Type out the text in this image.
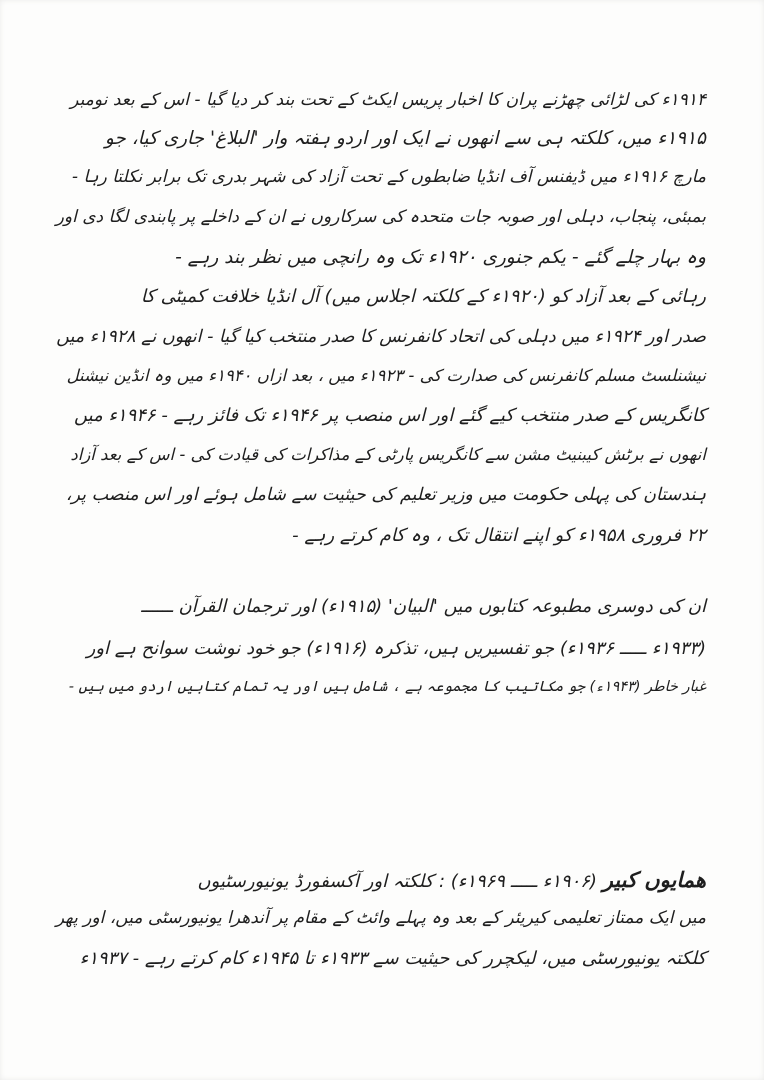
۱۹۱۴ء کی لڑائی چھڑنے پران کا اخبار پریس ایکٹ کے تحت بند کر دیا گیا - اس کے بعد نومبر
۱۹۱۵ء میں، کلکتہ ہی سے انھوں نے ایک اور اردو ہفتہ وار 'البلاغ' جاری کیا، جو
مارچ ۱۹۱۶ء میں ڈیفنس آف انڈیا ضابطوں کے تحت آزاد کی شہر بدری تک برابر نکلتا رہا -
بمبئی، پنجاب، دہلی اور صوبہ جات متحدہ کی سرکاروں نے ان کے داخلے پر پابندی لگا دی اور
وہ بہار چلے گئے - یکم جنوری ۱۹۲۰ء تک وہ رانچی میں نظر بند رہے -
رہائی کے بعد آزاد کو (۱۹۲۰ء کے کلکتہ اجلاس میں) آل انڈیا خلافت کمیٹی کا
صدر اور ۱۹۲۴ء میں دہلی کی اتحاد کانفرنس کا صدر منتخب کیا گیا - انھوں نے ۱۹۲۸ء میں
نیشنلسٹ مسلم کانفرنس کی صدارت کی - ۱۹۲۳ء میں ، بعد ازاں ۱۹۴۰ء میں وہ انڈین نیشنل
کانگریس کے صدر منتخب کیے گئے اور اس منصب پر ۱۹۴۶ء تک فائز رہے - ۱۹۴۶ء میں
انھوں نے برٹش کیبنیٹ مشن سے کانگریس پارٹی کے مذاکرات کی قیادت کی - اس کے بعد آزاد
ہندستان کی پہلی حکومت میں وزیر تعلیم کی حیثیت سے شامل ہوئے اور اس منصب پر،
۲۲ فروری ۱۹۵۸ء کو اپنے انتقال تک ، وہ کام کرتے رہے -
ان کی دوسری مطبوعہ کتابوں میں 'البیان' (۱۹۱۵ء) اور ترجمان القرآن ــــــ
(۱۹۳۳ء ـــــ ۱۹۳۶ء) جو تفسیریں ہیں، تذکرہ (۱۹۱۶ء) جو خود نوشت سوانح ہے اور
غبار خاطر (۱۹۴۳ء) جو مکاتیب کا مجموعہ ہے ، شامل ہیں اور یہ تمام کتابیں اردو میں ہیں -
ھمایوں کبیر (۱۹۰۶ء ـــــ ۱۹۶۹ء) : کلکتہ اور آکسفورڈ یونیورسٹیوں
میں ایک ممتاز تعلیمی کیریئر کے بعد وہ پہلے وائٹ کے مقام پر آندھرا یونیورسٹی میں، اور پھر
کلکتہ یونیورسٹی میں، لیکچرر کی حیثیت سے ۱۹۳۳ء تا ۱۹۴۵ء کام کرتے رہے - ۱۹۳۷ء
